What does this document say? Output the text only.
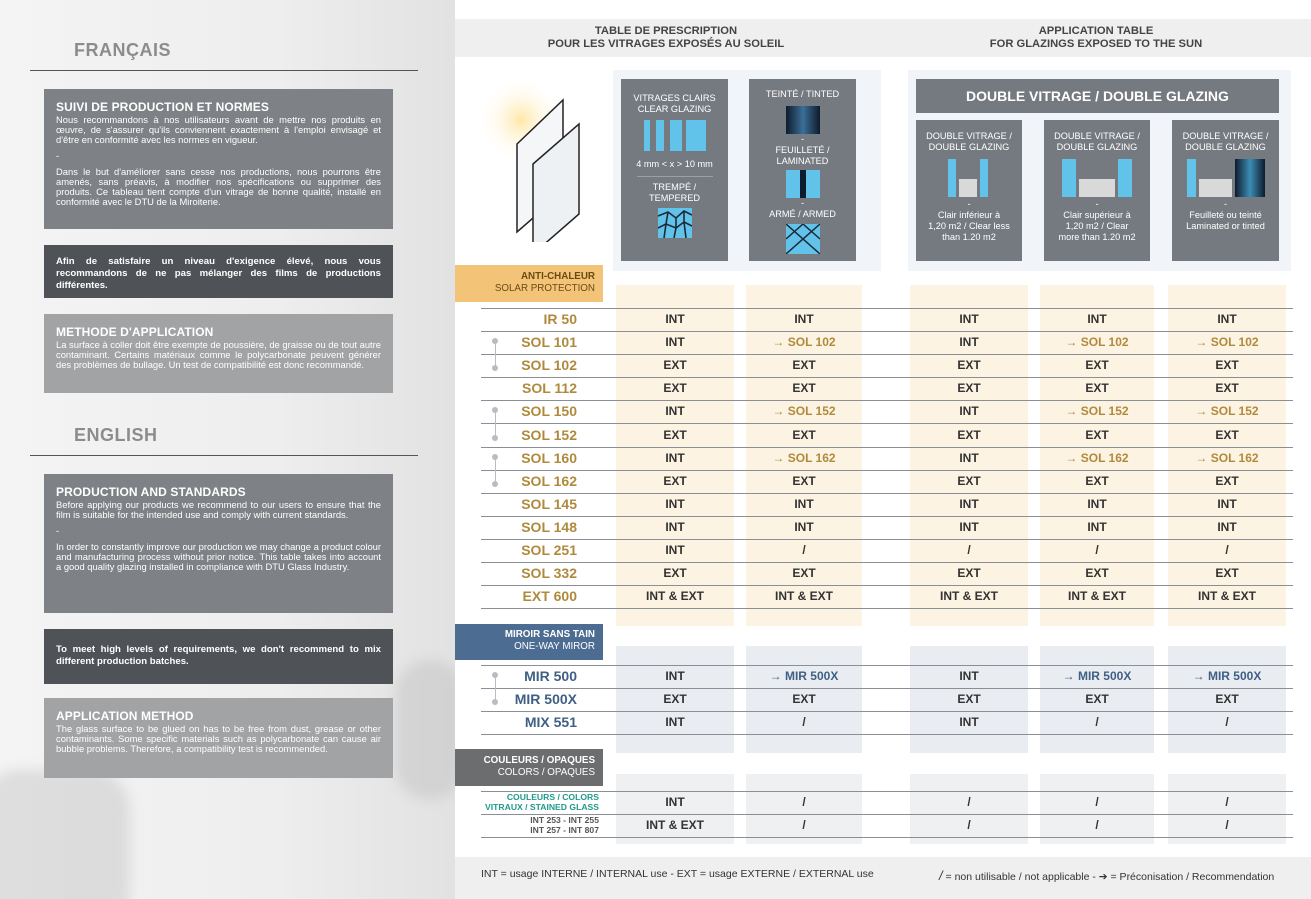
FRANÇAIS
SUIVI DE PRODUCTION ET NORMES

Nous recommandons à nos utilisateurs avant de mettre nos produits en œuvre, de s'assurer qu'ils conviennent exactement à l'emploi envisagé et d'être en conformité avec les normes en vigueur.

-

Dans le but d'améliorer sans cesse nos productions, nous pourrons être amenés, sans préavis, à modifier nos spécifications ou supprimer des produits. Ce tableau tient compte d'un vitrage de bonne qualité, installé en conformité avec le DTU de la Miroiterie.

Afin de satisfaire un niveau d'exigence élevé, nous vous recommandons de ne pas mélanger des films de productions différentes.

METHODE D'APPLICATION

La surface à coller doit être exempte de poussière, de graisse ou de tout autre contaminant. Certains matériaux comme le polycarbonate peuvent générer des problèmes de bullage. Un test de compatibilité est donc recommandé.

ENGLISH
PRODUCTION AND STANDARDS

Before applying our products we recommend to our users to ensure that the film is suitable for the intended use and comply with current standards.

-

In order to constantly improve our production we may change a product colour and manufacturing process without prior notice. This table takes into account a good quality glazing installed in compliance with DTU Glass Industry.

To meet high levels of requirements, we don't recommend to mix different production batches.

APPLICATION METHOD

The glass surface to be glued on has to be free from dust, grease or other contaminants. Some specific materials such as polycarbonate can cause air bubble problems. Therefore, a compatibility test is recommended.

TABLE DE PRESCRIPTION
POUR LES VITRAGES EXPOSÉS AU SOLEIL
APPLICATION TABLE
FOR GLAZINGS EXPOSED TO THE SUN
VITRAGES CLAIRS
CLEAR GLAZING
4 mm < x > 10 mm
TREMPÉ /
TEMPERED
TEINTÉ / TINTED
-
FEUILLETÉ /
LAMINATED
-
ARMÉ / ARMED
DOUBLE VITRAGE / DOUBLE GLAZING
DOUBLE VITRAGE /
DOUBLE GLAZING
-
Clair inférieur à
1,20 m2 / Clear less
than 1.20 m2
DOUBLE VITRAGE /
DOUBLE GLAZING
-
Clair supérieur à
1,20 m2 / Clear
more than 1.20 m2
DOUBLE VITRAGE /
DOUBLE GLAZING
-
Feuilleté ou teinté
Laminated or tinted
ANTI-CHALEUR
SOLAR PROTECTION
IR 50	INT	INT	INT	INT	INT
SOL 101	INT	→ SOL 102	INT	→ SOL 102	→ SOL 102
SOL 102	EXT	EXT	EXT	EXT	EXT
SOL 112	EXT	EXT	EXT	EXT	EXT
SOL 150	INT	→ SOL 152	INT	→ SOL 152	→ SOL 152
SOL 152	EXT	EXT	EXT	EXT	EXT
SOL 160	INT	→ SOL 162	INT	→ SOL 162	→ SOL 162
SOL 162	EXT	EXT	EXT	EXT	EXT
SOL 145	INT	INT	INT	INT	INT
SOL 148	INT	INT	INT	INT	INT
SOL 251	INT	/	/	/	/
SOL 332	EXT	EXT	EXT	EXT	EXT
EXT 600	INT & EXT	INT & EXT	INT & EXT	INT & EXT	INT & EXT
MIROIR SANS TAIN
ONE-WAY MIROR
MIR 500	INT	→ MIR 500X	INT	→ MIR 500X	→ MIR 500X
MIR 500X	EXT	EXT	EXT	EXT	EXT
MIX 551	INT	/	INT	/	/
COULEURS / OPAQUES
COLORS / OPAQUES
COULEURS / COLORS
VITRAUX / STAINED GLASS	INT	/	/	/	/
INT 253 - INT 255
INT 257 - INT 807	INT & EXT	/	/	/	/
INT = usage INTERNE / INTERNAL use - EXT = usage EXTERNE / EXTERNAL use	/ = non utilisable / not applicable - ➔ = Préconisation / Recommendation
